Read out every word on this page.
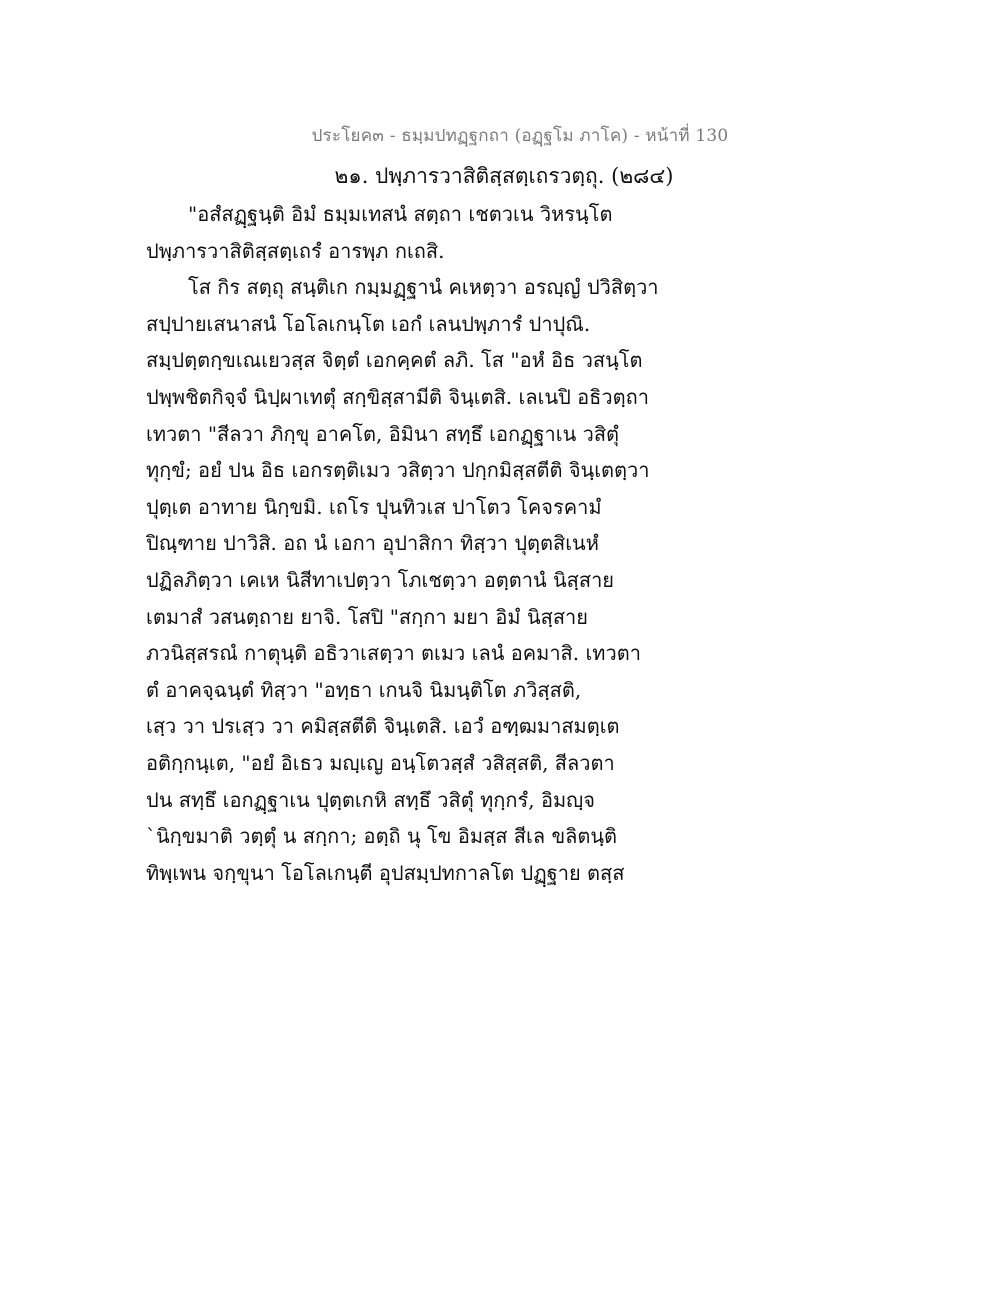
ประโยค๓ - ธมฺมปทฏฺฐกถา (อฏฺฐโม ภาโค) - หน้าที่ 130
๒๑. ปพฺภารวาสิติสฺสตฺเถรวตฺถุ. (๒๘๔)
"อสํสฏฺฐนฺติ อิมํ ธมฺมเทสนํ สตฺถา เชตวเน วิหรนฺโต
ปพฺภารวาสิติสฺสตฺเถรํ อารพฺภ กเถสิ.
โส กิร สตฺถุ สนฺติเก กมฺมฏฺฐานํ คเหตฺวา อรญฺญํ ปวิสิตฺวา
สปฺปายเสนาสนํ โอโลเกนฺโต เอกํ เลนปพฺภารํ ปาปุณิ.
สมฺปตฺตกฺขเณเยวสฺส จิตฺตํ เอกคฺคตํ ลภิ. โส "อหํ อิธ วสนฺโต
ปพฺพชิตกิจฺจํ นิปฺผาเทตุํ สกฺขิสฺสามีติ จินฺเตสิ. เลเนปิ อธิวตฺถา
เทวตา "สีลวา ภิกฺขุ อาคโต, อิมินา สทฺธึ เอกฏฺฐาเน วสิตุํ
ทุกฺขํ; อยํ ปน อิธ เอกรตฺติเมว วสิตฺวา ปกฺกมิสฺสตีติ จินฺเตตฺวา
ปุตฺเต อาทาย นิกฺขมิ. เถโร ปุนทิวเส ปาโตว โคจรคามํ
ปิณฺฑาย ปาวิสิ. อถ นํ เอกา อุปาสิกา ทิสฺวา ปุตฺตสิเนหํ
ปฏิลภิตฺวา เคเห นิสีทาเปตฺวา โภเชตฺวา อตฺตานํ นิสฺสาย
เตมาสํ วสนตฺถาย ยาจิ. โสปิ "สกฺกา มยา อิมํ นิสฺสาย
ภวนิสฺสรณํ กาตุนฺติ อธิวาเสตฺวา ตเมว เลนํ อคมาสิ. เทวตา
ตํ อาคจฺฉนฺตํ ทิสฺวา "อทฺธา เกนจิ นิมนฺติโต ภวิสฺสติ,
เสฺว วา ปรเสฺว วา คมิสฺสตีติ จินฺเตสิ. เอวํ อฑฺฒมาสมตฺเต
อติกฺกนฺเต, "อยํ อิเธว มญฺเญ อนฺโตวสฺสํ วสิสฺสติ, สีลวตา
ปน สทฺธึ เอกฏฺฐาเน ปุตฺตเกหิ สทฺธึ วสิตุํ ทุกฺกรํ, อิมญฺจ
`นิกฺขมาติ วตฺตุํ น สกฺกา; อตฺถิ นุ โข อิมสฺส สีเล ขลิตนฺติ
ทิพฺเพน จกฺขุนา โอโลเกนฺตี อุปสมฺปทกาลโต ปฏฺฐาย ตสฺส
